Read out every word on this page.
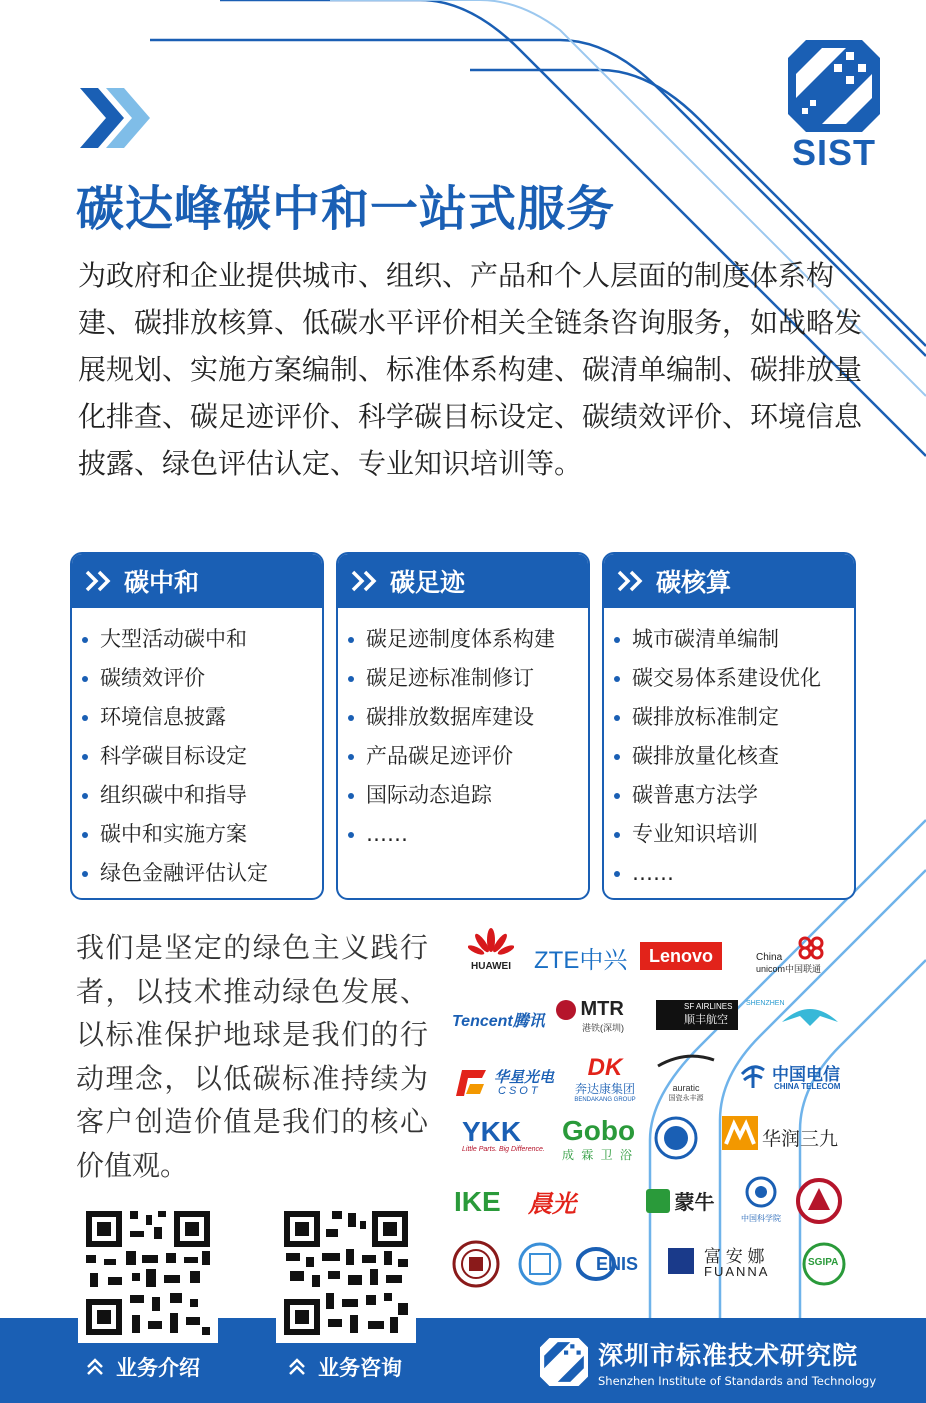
SIST
碳达峰碳中和一站式服务
为政府和企业提供城市、组织、产品和个人层面的制度体系构建、碳排放核算、低碳水平评价相关全链条咨询服务，如战略发展规划、实施方案编制、标准体系构建、碳清单编制、碳排放量化排查、碳足迹评价、科学碳目标设定、碳绩效评价、环境信息披露、绿色评估认定、专业知识培训等。
碳中和
大型活动碳中和
碳绩效评价
环境信息披露
科学碳目标设定
组织碳中和指导
碳中和实施方案
绿色金融评估认定
碳足迹
碳足迹制度体系构建
碳足迹标准制修订
碳排放数据库建设
产品碳足迹评价
国际动态追踪
……
碳核算
城市碳清单编制
碳交易体系建设优化
碳排放标准制定
碳排放量化核查
碳普惠方法学
专业知识培训
……
我们是坚定的绿色主义践行者，以技术推动绿色发展、以标准保护地球是我们的行动理念，以低碳标准持续为客户创造价值是我们的核心价值观。
HUAWEI ZTE中兴	Lenovo	China
unicom中国联通
Tencent腾讯
MTR
港铁(深圳)
SF AIRLINES
顺丰航空
SHENZHEN
华星光电
CSOT
DK
奔达康集团
BENDAKANG GROUP
auratic
国瓷永丰源
中国电信
CHINA TELECOM
YKK
Little Parts. Big Difference.
Gobo
成 霖 卫 浴
华润三九
IKE 晨光	蒙牛
中国科学院
ENIS	富 安 娜
FUANNA
SGIPA
业务介绍	业务咨询	深圳市标准技术研究院
Shenzhen Institute of Standards and Technology
